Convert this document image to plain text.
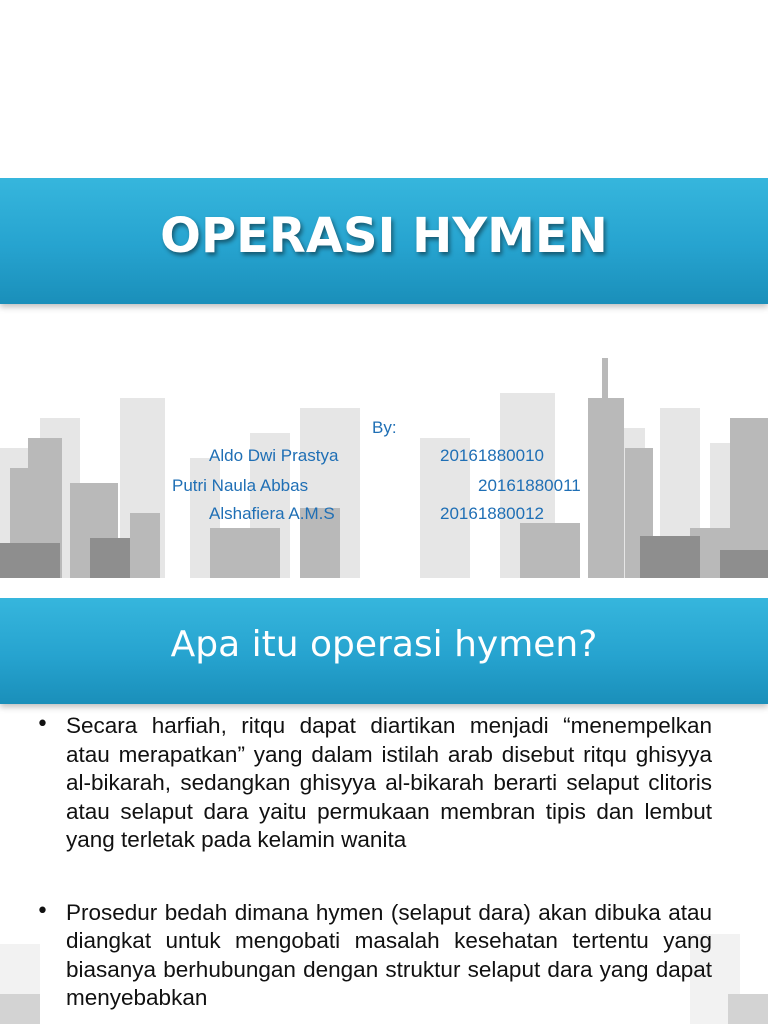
OPERASI HYMEN
By:
Aldo Dwi Prastya	20161880010
Putri Naula Abbas	20161880011
Alshafiera A.M.S	20161880012
Apa itu operasi hymen?
• Secara harfiah, ritqu dapat diartikan menjadi “menempelkan atau merapatkan” yang dalam istilah arab disebut ritqu ghisyya al-bikarah, sedangkan ghisyya al-bikarah berarti selaput clitoris atau selaput dara yaitu permukaan membran tipis dan lembut yang terletak pada kelamin wanita

• Prosedur bedah dimana hymen (selaput dara) akan dibuka atau diangkat untuk mengobati masalah kesehatan tertentu yang biasanya berhubungan dengan struktur selaput dara yang dapat menyebabkan
